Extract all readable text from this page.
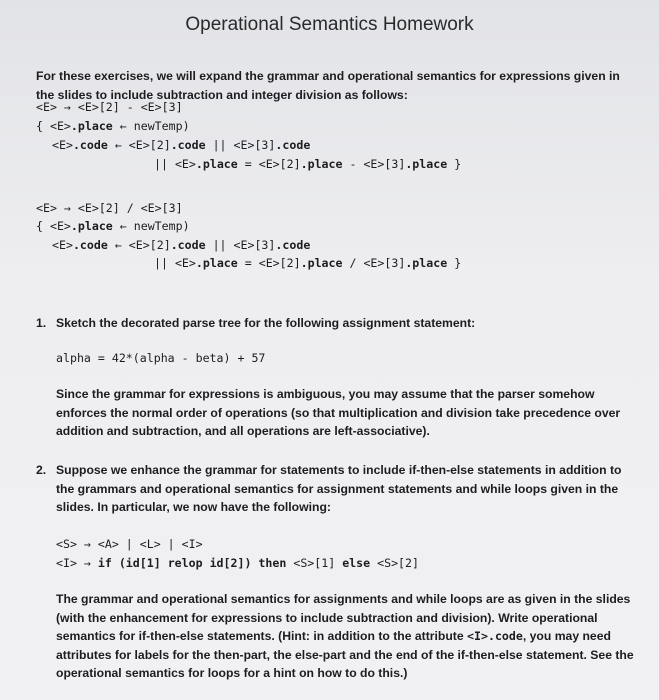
Operational Semantics Homework
For these exercises, we will expand the grammar and operational semantics for expressions given in the slides to include subtraction and integer division as follows:

<E> → <E>[2] - <E>[3]

{ <E>.place ← newTemp)

<E>.code ← <E>[2].code || <E>[3].code

|| <E>.place = <E>[2].place - <E>[3].place }

<E> → <E>[2] / <E>[3]

{ <E>.place ← newTemp)

<E>.code ← <E>[2].code || <E>[3].code

|| <E>.place = <E>[2].place / <E>[3].place }

1. Sketch the decorated parse tree for the following assignment statement:

alpha = 42*(alpha - beta) + 57

Since the grammar for expressions is ambiguous, you may assume that the parser somehow enforces the normal order of operations (so that multiplication and division take precedence over addition and subtraction, and all operations are left-associative).
2. Suppose we enhance the grammar for statements to include if-then-else statements in addition to the grammars and operational semantics for assignment statements and while loops given in the slides. In particular, we now have the following:

<S> → <A> | <L> | <I>

<I> → if (id[1] relop id[2]) then <S>[1] else <S>[2]

The grammar and operational semantics for assignments and while loops are as given in the slides (with the enhancement for expressions to include subtraction and division). Write operational semantics for if-then-else statements. (Hint: in addition to the attribute <I>.code, you may need attributes for labels for the then-part, the else-part and the end of the if-then-else statement. See the operational semantics for loops for a hint on how to do this.)
